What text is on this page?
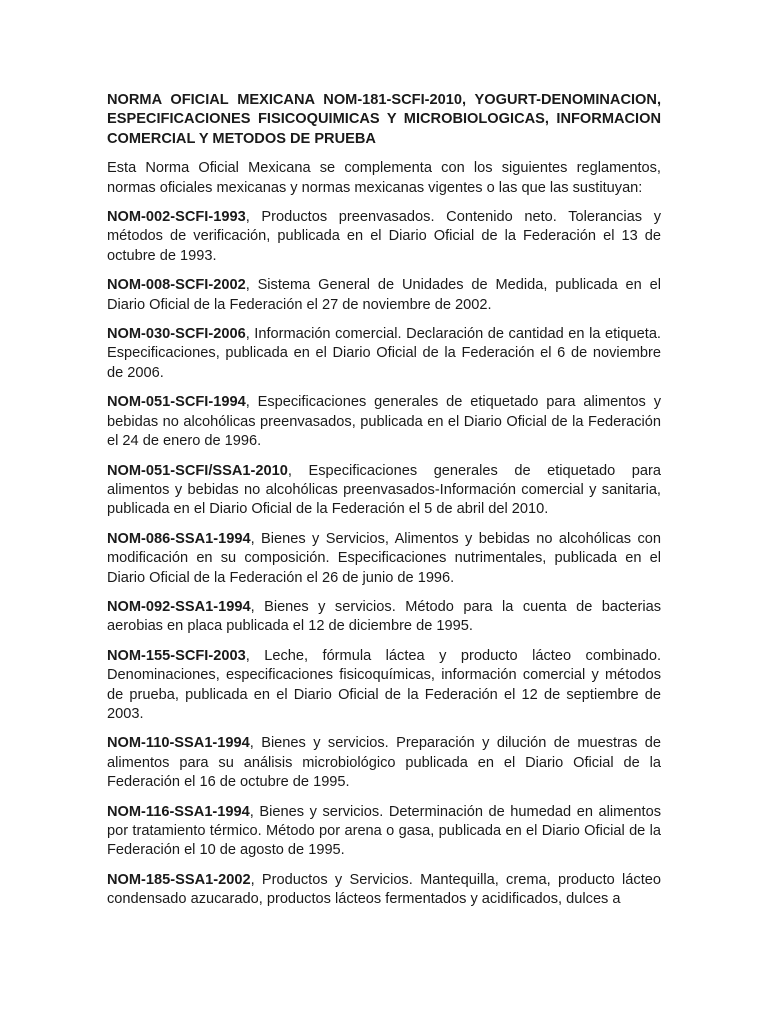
NORMA OFICIAL MEXICANA NOM-181-SCFI-2010, YOGURT-DENOMINACION, ESPECIFICACIONES FISICOQUIMICAS Y MICROBIOLOGICAS, INFORMACION COMERCIAL Y METODOS DE PRUEBA

Esta Norma Oficial Mexicana se complementa con los siguientes reglamentos, normas oficiales mexicanas y normas mexicanas vigentes o las que las sustituyan:

NOM-002-SCFI-1993, Productos preenvasados. Contenido neto. Tolerancias y métodos de verificación, publicada en el Diario Oficial de la Federación el 13 de octubre de 1993.

NOM-008-SCFI-2002, Sistema General de Unidades de Medida, publicada en el Diario Oficial de la Federación el 27 de noviembre de 2002.

NOM-030-SCFI-2006, Información comercial. Declaración de cantidad en la etiqueta. Especificaciones, publicada en el Diario Oficial de la Federación el 6 de noviembre de 2006.

NOM-051-SCFI-1994, Especificaciones generales de etiquetado para alimentos y bebidas no alcohólicas preenvasados, publicada en el Diario Oficial de la Federación el 24 de enero de 1996.

NOM-051-SCFI/SSA1-2010, Especificaciones generales de etiquetado para alimentos y bebidas no alcohólicas preenvasados-Información comercial y sanitaria, publicada en el Diario Oficial de la Federación el 5 de abril del 2010.

NOM-086-SSA1-1994, Bienes y Servicios, Alimentos y bebidas no alcohólicas con modificación en su composición. Especificaciones nutrimentales, publicada en el Diario Oficial de la Federación el 26 de junio de 1996.

NOM-092-SSA1-1994, Bienes y servicios. Método para la cuenta de bacterias aerobias en placa publicada el 12 de diciembre de 1995.

NOM-155-SCFI-2003, Leche, fórmula láctea y producto lácteo combinado. Denominaciones, especificaciones fisicoquímicas, información comercial y métodos de prueba, publicada en el Diario Oficial de la Federación el 12 de septiembre de 2003.

NOM-110-SSA1-1994, Bienes y servicios. Preparación y dilución de muestras de alimentos para su análisis microbiológico publicada en el Diario Oficial de la Federación el 16 de octubre de 1995.

NOM-116-SSA1-1994, Bienes y servicios. Determinación de humedad en alimentos por tratamiento térmico. Método por arena o gasa, publicada en el Diario Oficial de la Federación el 10 de agosto de 1995.

NOM-185-SSA1-2002, Productos y Servicios. Mantequilla, crema, producto lácteo condensado azucarado, productos lácteos fermentados y acidificados, dulces a
